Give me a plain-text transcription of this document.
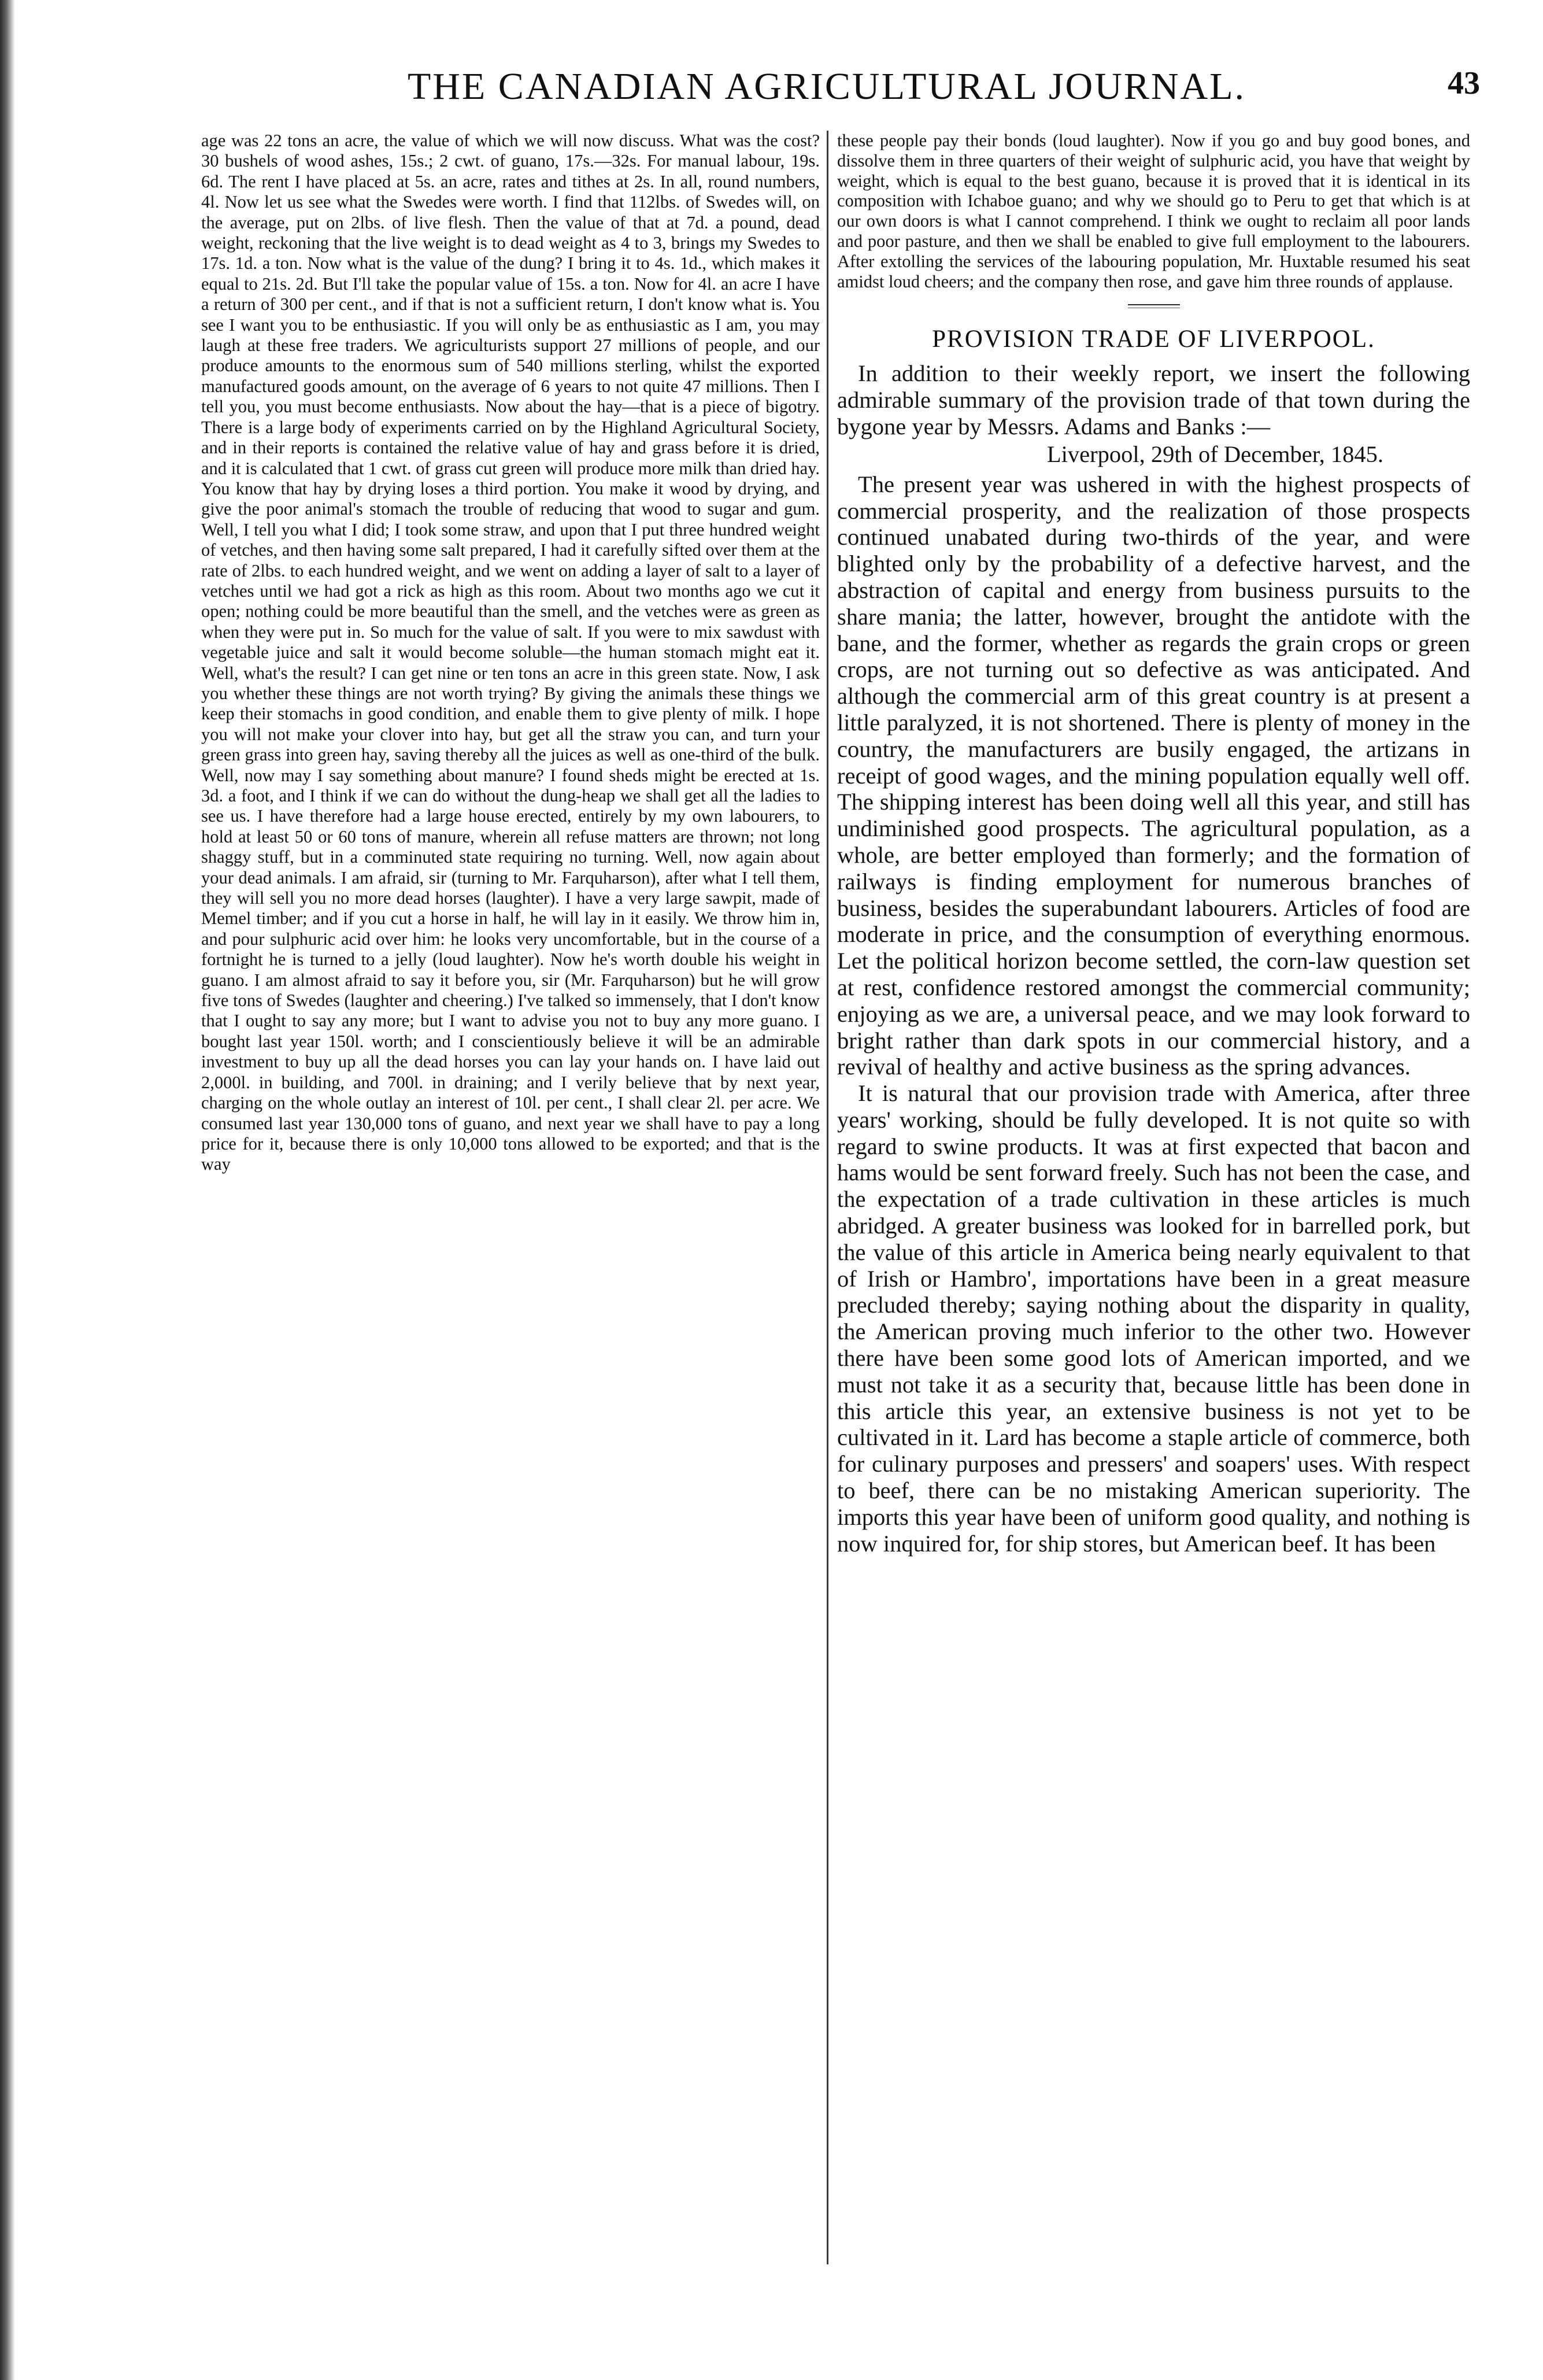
THE CANADIAN AGRICULTURAL JOURNAL.	43

age was 22 tons an acre, the value of which we will now discuss. What was the cost? 30 bushels of wood ashes, 15s.; 2 cwt. of guano, 17s.—32s. For manual labour, 19s. 6d. The rent I have placed at 5s. an acre, rates and tithes at 2s. In all, round numbers, 4l. Now let us see what the Swedes were worth. I find that 112lbs. of Swedes will, on the average, put on 2lbs. of live flesh. Then the value of that at 7d. a pound, dead weight, reckoning that the live weight is to dead weight as 4 to 3, brings my Swedes to 17s. 1d. a ton. Now what is the value of the dung? I bring it to 4s. 1d., which makes it equal to 21s. 2d. But I'll take the popular value of 15s. a ton. Now for 4l. an acre I have a return of 300 per cent., and if that is not a sufficient return, I don't know what is. You see I want you to be enthusiastic. If you will only be as enthusiastic as I am, you may laugh at these free traders. We agriculturists support 27 millions of people, and our produce amounts to the enormous sum of 540 millions sterling, whilst the exported manufactured goods amount, on the average of 6 years to not quite 47 millions. Then I tell you, you must become enthusiasts. Now about the hay—that is a piece of bigotry. There is a large body of experiments carried on by the Highland Agricultural Society, and in their reports is contained the relative value of hay and grass before it is dried, and it is calculated that 1 cwt. of grass cut green will produce more milk than dried hay. You know that hay by drying loses a third portion. You make it wood by drying, and give the poor animal's stomach the trouble of reducing that wood to sugar and gum. Well, I tell you what I did; I took some straw, and upon that I put three hundred weight of vetches, and then having some salt prepared, I had it carefully sifted over them at the rate of 2lbs. to each hundred weight, and we went on adding a layer of salt to a layer of vetches until we had got a rick as high as this room. About two months ago we cut it open; nothing could be more beautiful than the smell, and the vetches were as green as when they were put in. So much for the value of salt. If you were to mix sawdust with vegetable juice and salt it would become soluble—the human stomach might eat it. Well, what's the result? I can get nine or ten tons an acre in this green state. Now, I ask you whether these things are not worth trying? By giving the animals these things we keep their stomachs in good condition, and enable them to give plenty of milk. I hope you will not make your clover into hay, but get all the straw you can, and turn your green grass into green hay, saving thereby all the juices as well as one-third of the bulk. Well, now may I say something about manure? I found sheds might be erected at 1s. 3d. a foot, and I think if we can do without the dung-heap we shall get all the ladies to see us. I have therefore had a large house erected, entirely by my own labourers, to hold at least 50 or 60 tons of manure, wherein all refuse matters are thrown; not long shaggy stuff, but in a comminuted state requiring no turning. Well, now again about your dead animals. I am afraid, sir (turning to Mr. Farquharson), after what I tell them, they will sell you no more dead horses (laughter). I have a very large sawpit, made of Memel timber; and if you cut a horse in half, he will lay in it easily. We throw him in, and pour sulphuric acid over him: he looks very uncomfortable, but in the course of a fortnight he is turned to a jelly (loud laughter). Now he's worth double his weight in guano. I am almost afraid to say it before you, sir (Mr. Farquharson) but he will grow five tons of Swedes (laughter and cheering.) I've talked so immensely, that I don't know that I ought to say any more; but I want to advise you not to buy any more guano. I bought last year 150l. worth; and I conscientiously believe it will be an admirable investment to buy up all the dead horses you can lay your hands on. I have laid out 2,000l. in building, and 700l. in draining; and I verily believe that by next year, charging on the whole outlay an interest of 10l. per cent., I shall clear 2l. per acre. We consumed last year 130,000 tons of guano, and next year we shall have to pay a long price for it, because there is only 10,000 tons allowed to be exported; and that is the way

these people pay their bonds (loud laughter). Now if you go and buy good bones, and dissolve them in three quarters of their weight of sulphuric acid, you have that weight by weight, which is equal to the best guano, because it is proved that it is identical in its composition with Ichaboe guano; and why we should go to Peru to get that which is at our own doors is what I cannot comprehend. I think we ought to reclaim all poor lands and poor pasture, and then we shall be enabled to give full employment to the labourers. After extolling the services of the labouring population, Mr. Huxtable resumed his seat amidst loud cheers; and the company then rose, and gave him three rounds of applause.

PROVISION TRADE OF LIVERPOOL.

In addition to their weekly report, we insert the following admirable summary of the provision trade of that town during the bygone year by Messrs. Adams and Banks :—

Liverpool, 29th of December, 1845.

The present year was ushered in with the highest prospects of commercial prosperity, and the realization of those prospects continued unabated during two-thirds of the year, and were blighted only by the probability of a defective harvest, and the abstraction of capital and energy from business pursuits to the share mania; the latter, however, brought the antidote with the bane, and the former, whether as regards the grain crops or green crops, are not turning out so defective as was anticipated. And although the commercial arm of this great country is at present a little paralyzed, it is not shortened. There is plenty of money in the country, the manufacturers are busily engaged, the artizans in receipt of good wages, and the mining population equally well off. The shipping interest has been doing well all this year, and still has undiminished good prospects. The agricultural population, as a whole, are better employed than formerly; and the formation of railways is finding employment for numerous branches of business, besides the superabundant labourers. Articles of food are moderate in price, and the consumption of everything enormous. Let the political horizon become settled, the corn-law question set at rest, confidence restored amongst the commercial community; enjoying as we are, a universal peace, and we may look forward to bright rather than dark spots in our commercial history, and a revival of healthy and active business as the spring advances.

It is natural that our provision trade with America, after three years' working, should be fully developed. It is not quite so with regard to swine products. It was at first expected that bacon and hams would be sent forward freely. Such has not been the case, and the expectation of a trade cultivation in these articles is much abridged. A greater business was looked for in barrelled pork, but the value of this article in America being nearly equivalent to that of Irish or Hambro', importations have been in a great measure precluded thereby; saying nothing about the disparity in quality, the American proving much inferior to the other two. However there have been some good lots of American imported, and we must not take it as a security that, because little has been done in this article this year, an extensive business is not yet to be cultivated in it. Lard has become a staple article of commerce, both for culinary purposes and pressers' and soapers' uses. With respect to beef, there can be no mistaking American superiority. The imports this year have been of uniform good quality, and nothing is now inquired for, for ship stores, but American beef. It has been
